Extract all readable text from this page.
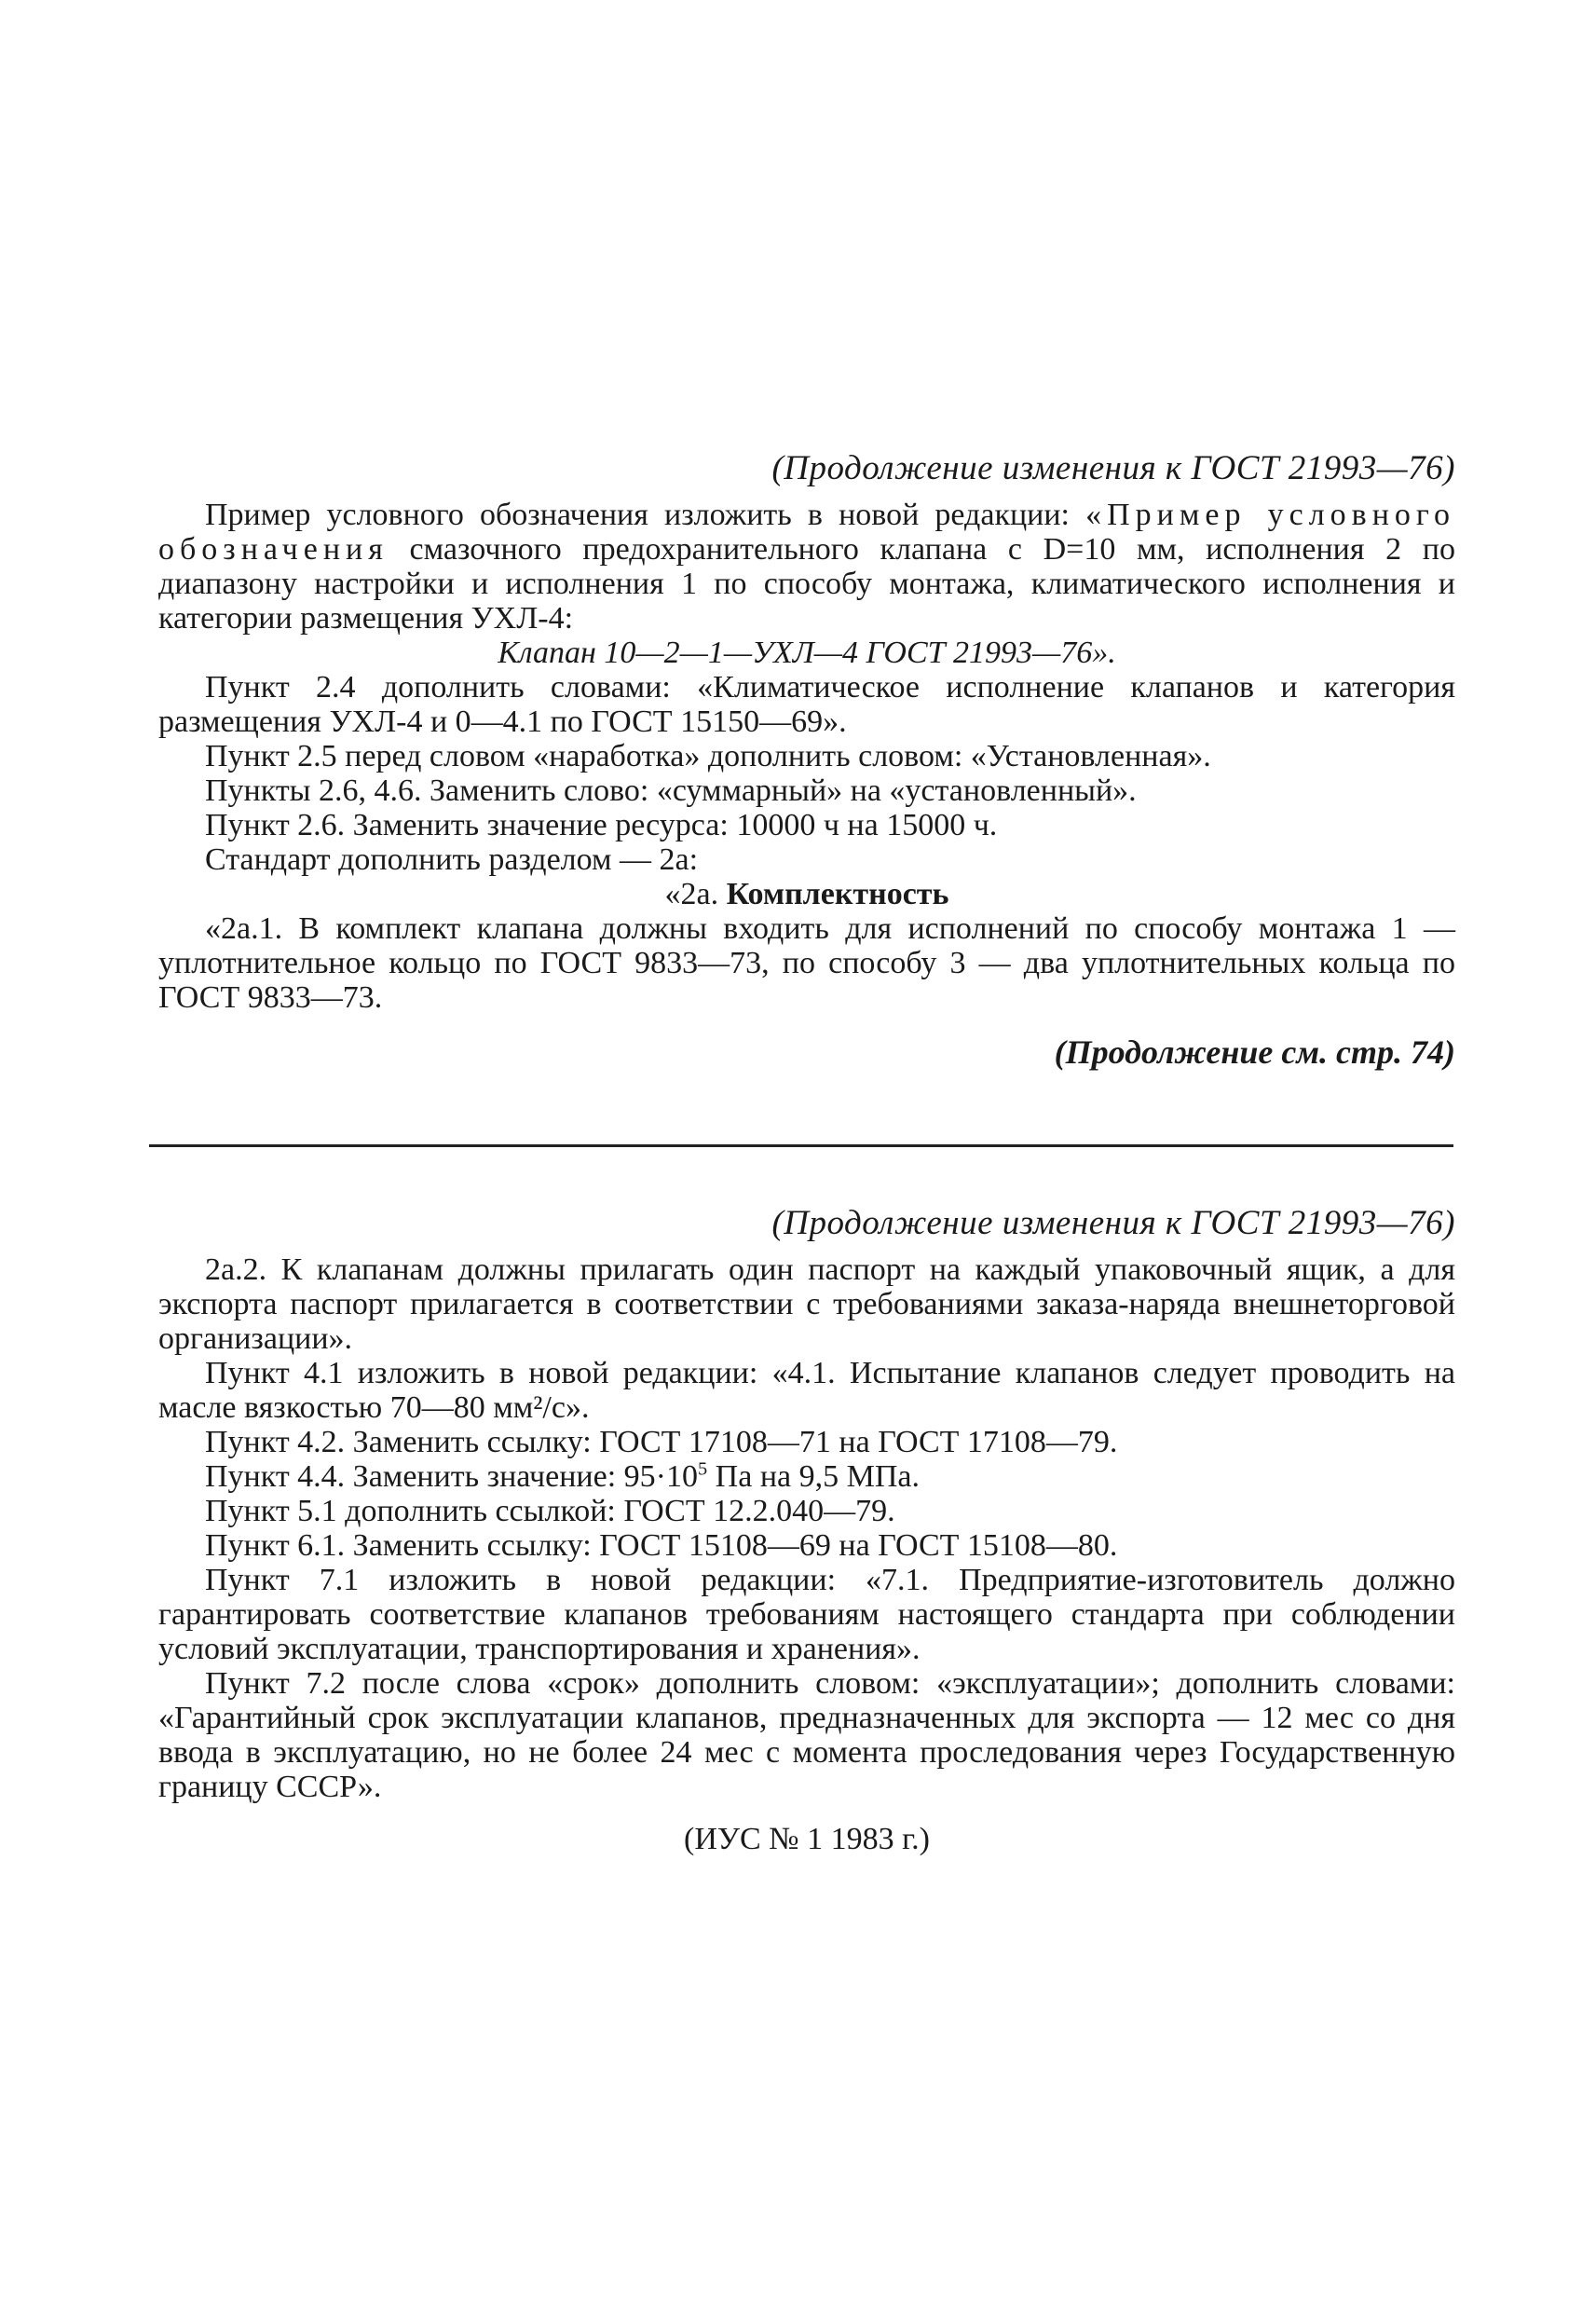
(Продолжение изменения к ГОСТ 21993—76)

Пример условного обозначения изложить в новой редакции: «Пример условного обозначения смазочного предохранительного клапана с D=10 мм, исполнения 2 по диапазону настройки и исполнения 1 по способу монтажа, климатического исполнения и категории размещения УХЛ-4:

Клапан 10—2—1—УХЛ—4 ГОСТ 21993—76».

Пункт 2.4 дополнить словами: «Климатическое исполнение клапанов и категория размещения УХЛ-4 и 0—4.1 по ГОСТ 15150—69».

Пункт 2.5 перед словом «наработка» дополнить словом: «Установленная».

Пункты 2.6, 4.6. Заменить слово: «суммарный» на «установленный».

Пункт 2.6. Заменить значение ресурса: 10000 ч на 15000 ч.

Стандарт дополнить разделом — 2а:

«2а. Комплектность

«2а.1. В комплект клапана должны входить для исполнений по способу монтажа 1 — уплотнительное кольцо по ГОСТ 9833—73, по способу 3 — два уплотнительных кольца по ГОСТ 9833—73.

(Продолжение см. стр. 74)
(Продолжение изменения к ГОСТ 21993—76)

2а.2. К клапанам должны прилагать один паспорт на каждый упаковочный ящик, а для экспорта паспорт прилагается в соответствии с требованиями заказа-наряда внешнеторговой организации».

Пункт 4.1 изложить в новой редакции: «4.1. Испытание клапанов следует проводить на масле вязкостью 70—80 мм²/с».

Пункт 4.2. Заменить ссылку: ГОСТ 17108—71 на ГОСТ 17108—79.

Пункт 4.4. Заменить значение: $95\cdot 10^5$ Па на 9,5 МПа.

Пункт 5.1 дополнить ссылкой: ГОСТ 12.2.040—79.

Пункт 6.1. Заменить ссылку: ГОСТ 15108—69 на ГОСТ 15108—80.

Пункт 7.1 изложить в новой редакции: «7.1. Предприятие-изготовитель должно гарантировать соответствие клапанов требованиям настоящего стандарта при соблюдении условий эксплуатации, транспортирования и хранения».

Пункт 7.2 после слова «срок» дополнить словом: «эксплуатации»; дополнить словами: «Гарантийный срок эксплуатации клапанов, предназначенных для экспорта — 12 мес со дня ввода в эксплуатацию, но не более 24 мес с момента проследования через Государственную границу СССР».

(ИУС № 1 1983 г.)
